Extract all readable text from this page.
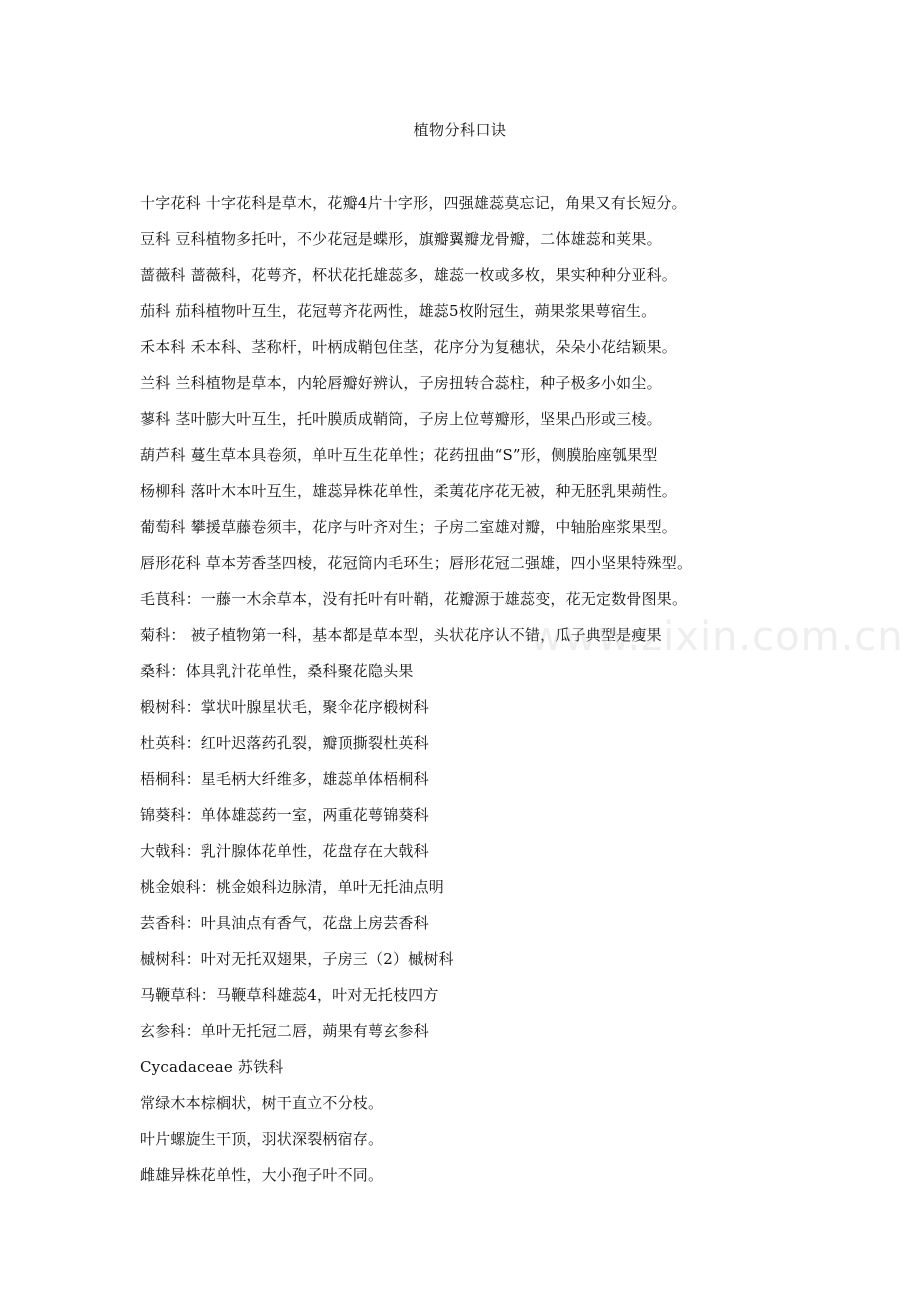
植物分科口诀
十字花科 十字花科是草木，花瓣4片十字形，四强雄蕊莫忘记，角果又有长短分。
豆科 豆科植物多托叶，不少花冠是蝶形，旗瓣翼瓣龙骨瓣，二体雄蕊和荚果。
蔷薇科 蔷薇科，花萼齐，杯状花托雄蕊多，雄蕊一枚或多枚，果实种种分亚科。
茄科 茄科植物叶互生，花冠萼齐花两性，雄蕊5枚附冠生，蒴果浆果萼宿生。
禾本科 禾本科、茎称杆，叶柄成鞘包住茎，花序分为复穗状，朵朵小花结颖果。
兰科 兰科植物是草本，内轮唇瓣好辨认，子房扭转合蕊柱，种子极多小如尘。
蓼科 茎叶膨大叶互生，托叶膜质成鞘筒，子房上位萼瓣形，坚果凸形或三棱。
葫芦科 蔓生草本具卷须，单叶互生花单性；花药扭曲“S”形，侧膜胎座瓠果型
杨柳科 落叶木本叶互生，雄蕊异株花单性，柔荑花序花无被，种无胚乳果蒴性。
葡萄科 攀援草藤卷须丰，花序与叶齐对生；子房二室雄对瓣，中轴胎座浆果型。
唇形花科 草本芳香茎四棱，花冠筒内毛环生；唇形花冠二强雄，四小坚果特殊型。
毛茛科：一藤一木余草本，没有托叶有叶鞘，花瓣源于雄蕊变，花无定数骨图果。
菊科： 被子植物第一科，基本都是草本型，头状花序认不错，瓜子典型是瘦果
桑科：体具乳汁花单性，桑科聚花隐头果
椴树科：掌状叶腺星状毛，聚伞花序椴树科
杜英科：红叶迟落药孔裂，瓣顶撕裂杜英科
梧桐科：星毛柄大纤维多，雄蕊单体梧桐科
锦葵科：单体雄蕊药一室，两重花萼锦葵科
大戟科：乳汁腺体花单性，花盘存在大戟科
桃金娘科：桃金娘科边脉清，单叶无托油点明
芸香科：叶具油点有香气，花盘上房芸香科
槭树科：叶对无托双翅果，子房三（2）槭树科
马鞭草科：马鞭草科雄蕊4，叶对无托枝四方
玄参科：单叶无托冠二唇，蒴果有萼玄参科
Cycadaceae 苏铁科
常绿木本棕榈状，树干直立不分枝。
叶片螺旋生干顶，羽状深裂柄宿存。
雌雄异株花单性，大小孢子叶不同。
www.zixin.com.cn
